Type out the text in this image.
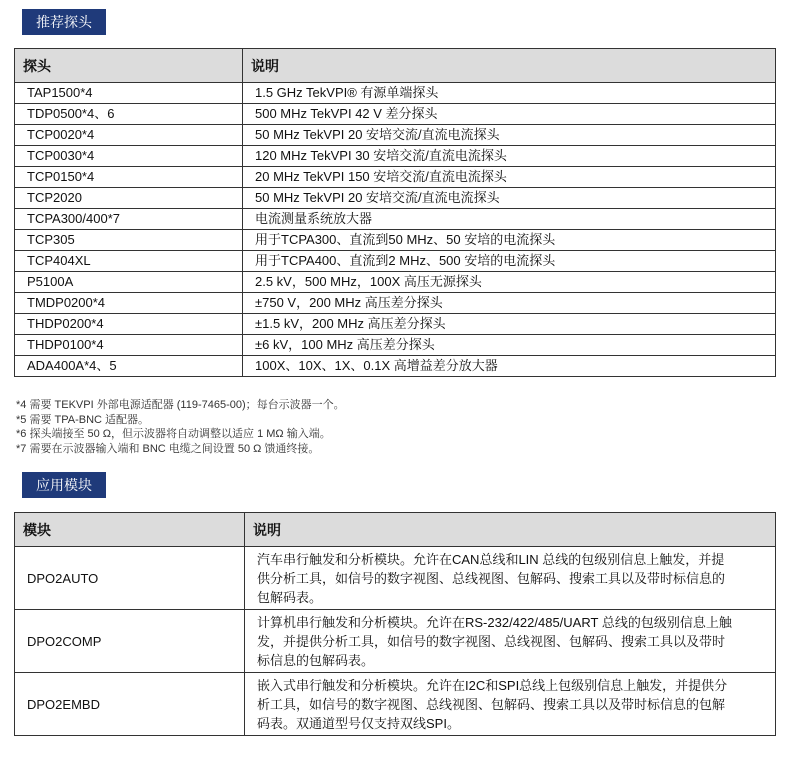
推荐探头
探头	说明
TAP1500*4	1.5 GHz TekVPI® 有源单端探头
TDP0500*4、6	500 MHz TekVPI 42 V 差分探头
TCP0020*4	50 MHz TekVPI 20 安培交流/直流电流探头
TCP0030*4	120 MHz TekVPI 30 安培交流/直流电流探头
TCP0150*4	20 MHz TekVPI 150 安培交流/直流电流探头
TCP2020	50 MHz TekVPI 20 安培交流/直流电流探头
TCPA300/400*7	电流测量系统放大器
TCP305	用于TCPA300、直流到50 MHz、50 安培的电流探头
TCP404XL	用于TCPA400、直流到2 MHz、500 安培的电流探头
P5100A	2.5 kV，500 MHz，100X 高压无源探头
TMDP0200*4	±750 V，200 MHz 高压差分探头
THDP0200*4	±1.5 kV，200 MHz 高压差分探头
THDP0100*4	±6 kV，100 MHz 高压差分探头
ADA400A*4、5	100X、10X、1X、0.1X 高增益差分放大器
*4 需要 TEKVPI 外部电源适配器 (119-7465-00)；每台示波器一个。
*5 需要 TPA-BNC 适配器。
*6 探头端接至 50 Ω，但示波器将自动调整以适应 1 MΩ 输入端。
*7 需要在示波器输入端和 BNC 电缆之间设置 50 Ω 馈通终接。
应用模块
模块	说明
DPO2AUTO	汽车串行触发和分析模块。允许在CAN总线和LIN 总线的包级别信息上触发，并提供分析工具，如信号的数字视图、总线视图、包解码、搜索工具以及带时标信息的包解码表。
DPO2COMP	计算机串行触发和分析模块。允许在RS-232/422/485/UART 总线的包级别信息上触发，并提供分析工具，如信号的数字视图、总线视图、包解码、搜索工具以及带时标信息的包解码表。
DPO2EMBD	嵌入式串行触发和分析模块。允许在I2C和SPI总线上包级别信息上触发，并提供分析工具，如信号的数字视图、总线视图、包解码、搜索工具以及带时标信息的包解码表。双通道型号仅支持双线SPI。
